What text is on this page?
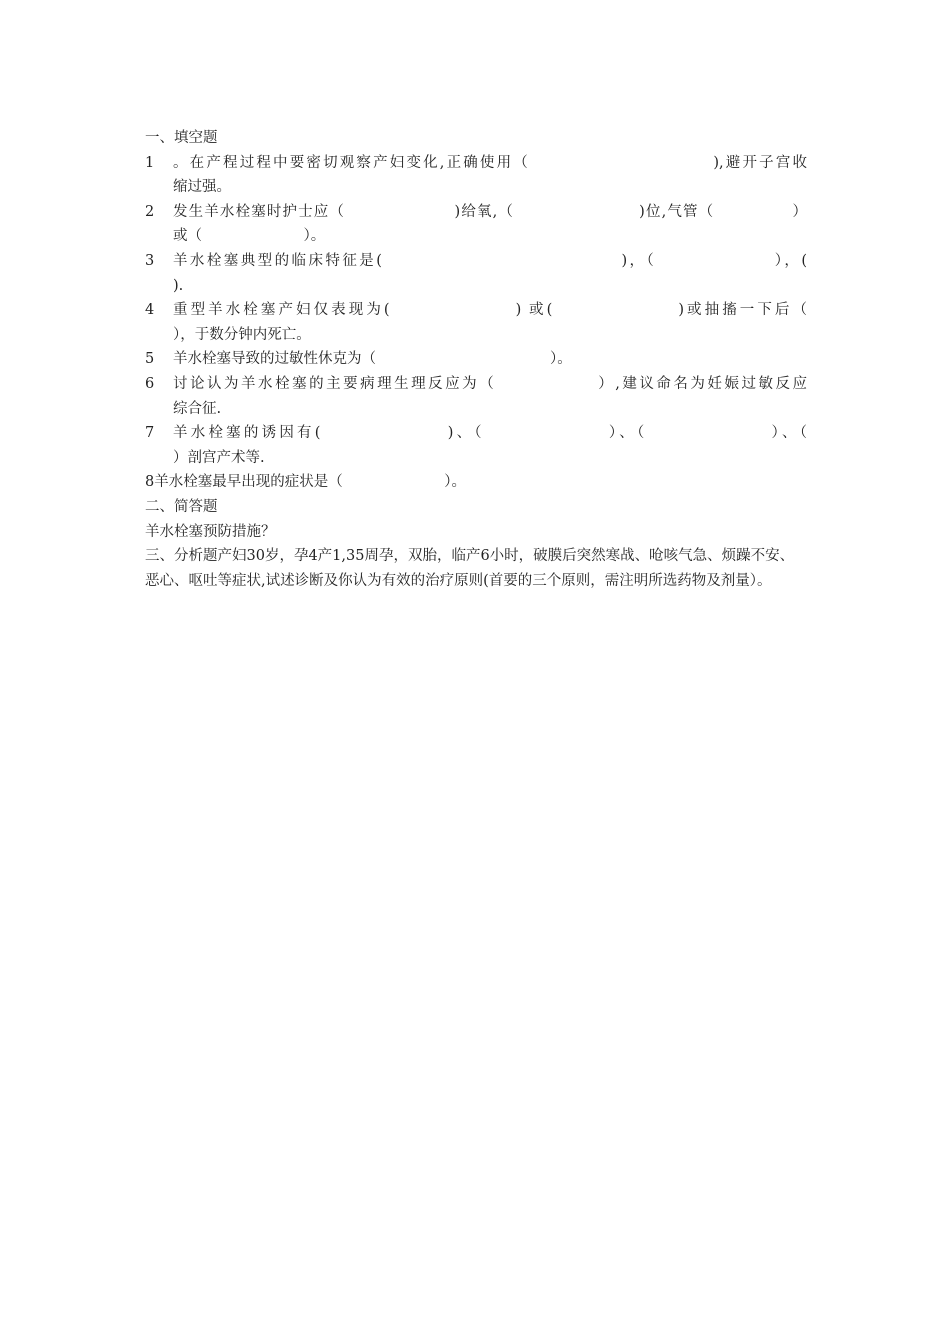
一、填空题
1	。在产程过程中要密切观察产妇变化,正确使用（　　　　　　　　　　　),避开子宫收
缩过强。
2	发生羊水栓塞时护士应（　　　　　　　)给氧,（　　　　　　　　)位,气管（　　　　　）
或（　　　　　　　）。
3	羊水栓塞典型的临床特征是(　　　　　　　　　　　　　　)，（　　　　　　　），(
).
4	重型羊水栓塞产妇仅表现为(　　　　　　　) 或(　　　　　　　)或抽搐一下后（
），于数分钟内死亡。
5	羊水栓塞导致的过敏性休克为（　　　　　　　　　　　　）。
6	讨论认为羊水栓塞的主要病理生理反应为（　　　　　　）,建议命名为妊娠过敏反应
综合征.
7	羊水栓塞的诱因有(　　　　　　　)、（　　　　　　　）、（　　　　　　　）、（
）剖宫产术等.
8羊水栓塞最早出现的症状是（　　　　　　　）。
二、简答题
羊水栓塞预防措施？
三、分析题产妇30岁，孕4产1,35周孕，双胎，临产6小时，破膜后突然寒战、呛咳气急、烦躁不安、恶心、呕吐等症状,试述诊断及你认为有效的治疗原则(首要的三个原则，需注明所选药物及剂量）。
